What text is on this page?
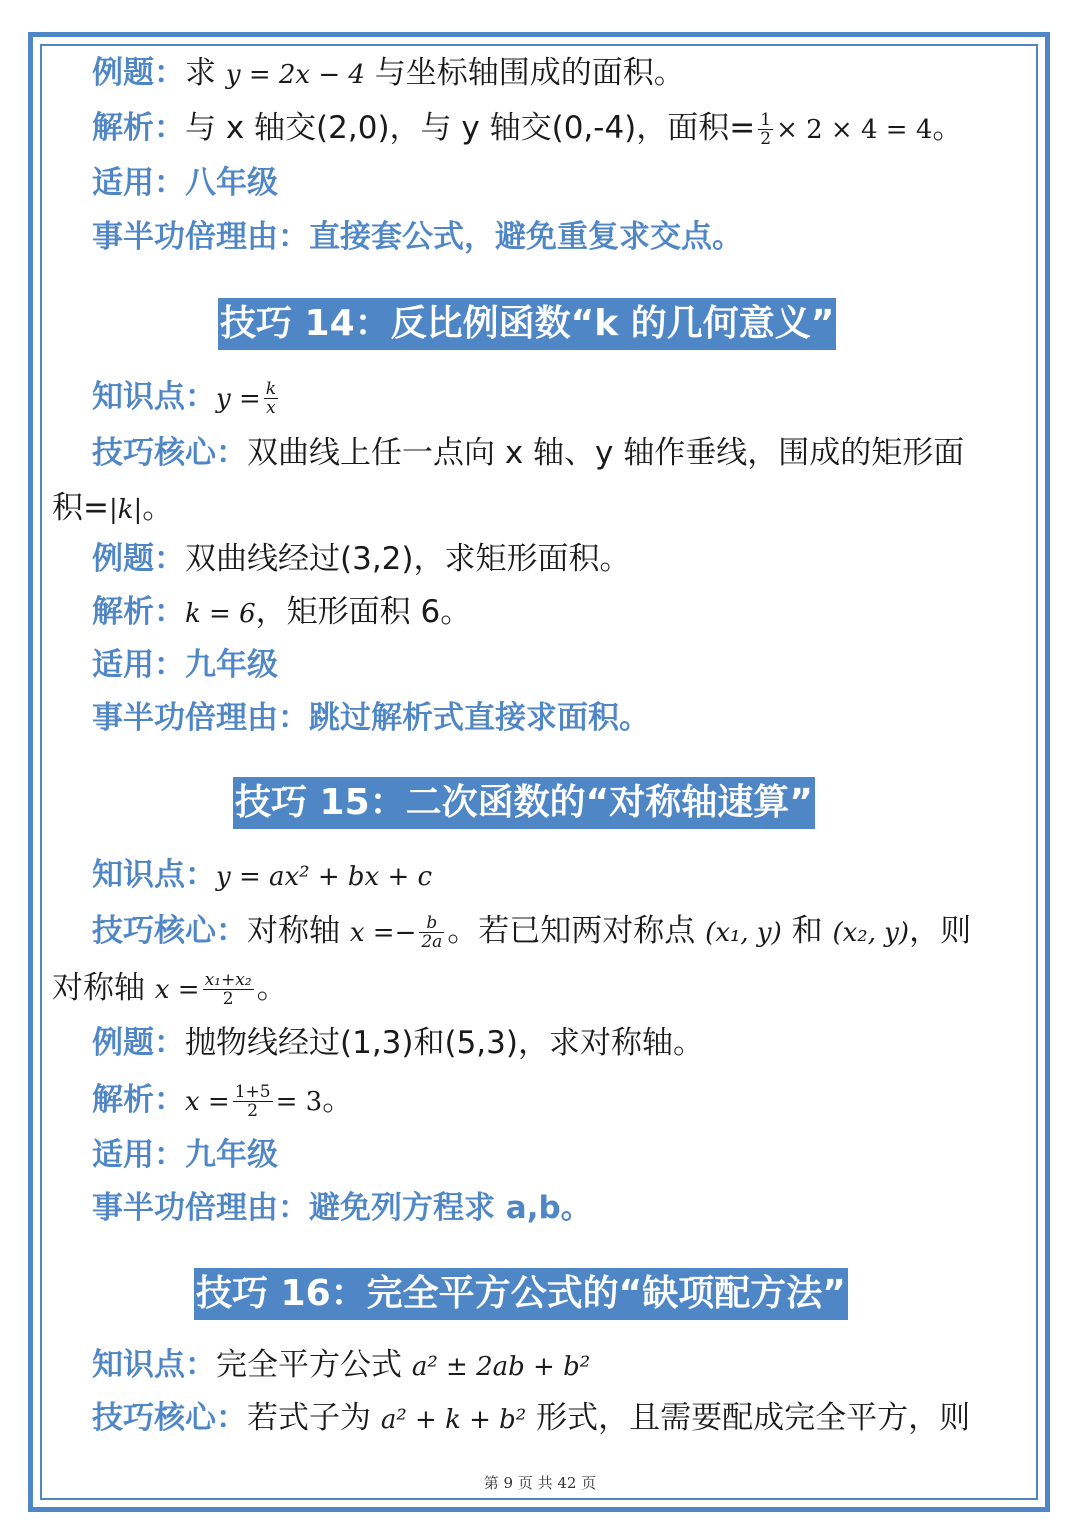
例题：求 y = 2x − 4 与坐标轴围成的面积。
解析：与 x 轴交(2,0)，与 y 轴交(0,-4)，面积= $\frac{1}{2} \times 2 \times 4 = 4$。
适用：八年级
事半功倍理由：直接套公式，避免重复求交点。
技巧 14：反比例函数“k 的几何意义”
知识点：$y = \frac{k}{x}$
技巧核心：双曲线上任一点向 x 轴、y 轴作垂线，围成的矩形面
积=|k|。
例题：双曲线经过(3,2)，求矩形面积。
解析：k = 6，矩形面积 6。
适用：九年级
事半功倍理由：跳过解析式直接求面积。
技巧 15：二次函数的“对称轴速算”
知识点：y = ax² + bx + c
技巧核心：对称轴 $x =- \frac{b}{2a}$ 。若已知两对称点 (x₁, y) 和 (x₂, y)，则
对称轴 $x = \frac{\text{x₁+x₂}}{2}$ 。
例题：抛物线经过(1,3)和(5,3)，求对称轴。
解析：$x = \frac{1+5}{2} = 3$。
适用：九年级
事半功倍理由：避免列方程求 a,b。
技巧 16：完全平方公式的“缺项配方法”
知识点：完全平方公式 a² ± 2ab + b²
技巧核心：若式子为 a² + k + b² 形式，且需要配成完全平方，则
第 9 页 共 42 页
